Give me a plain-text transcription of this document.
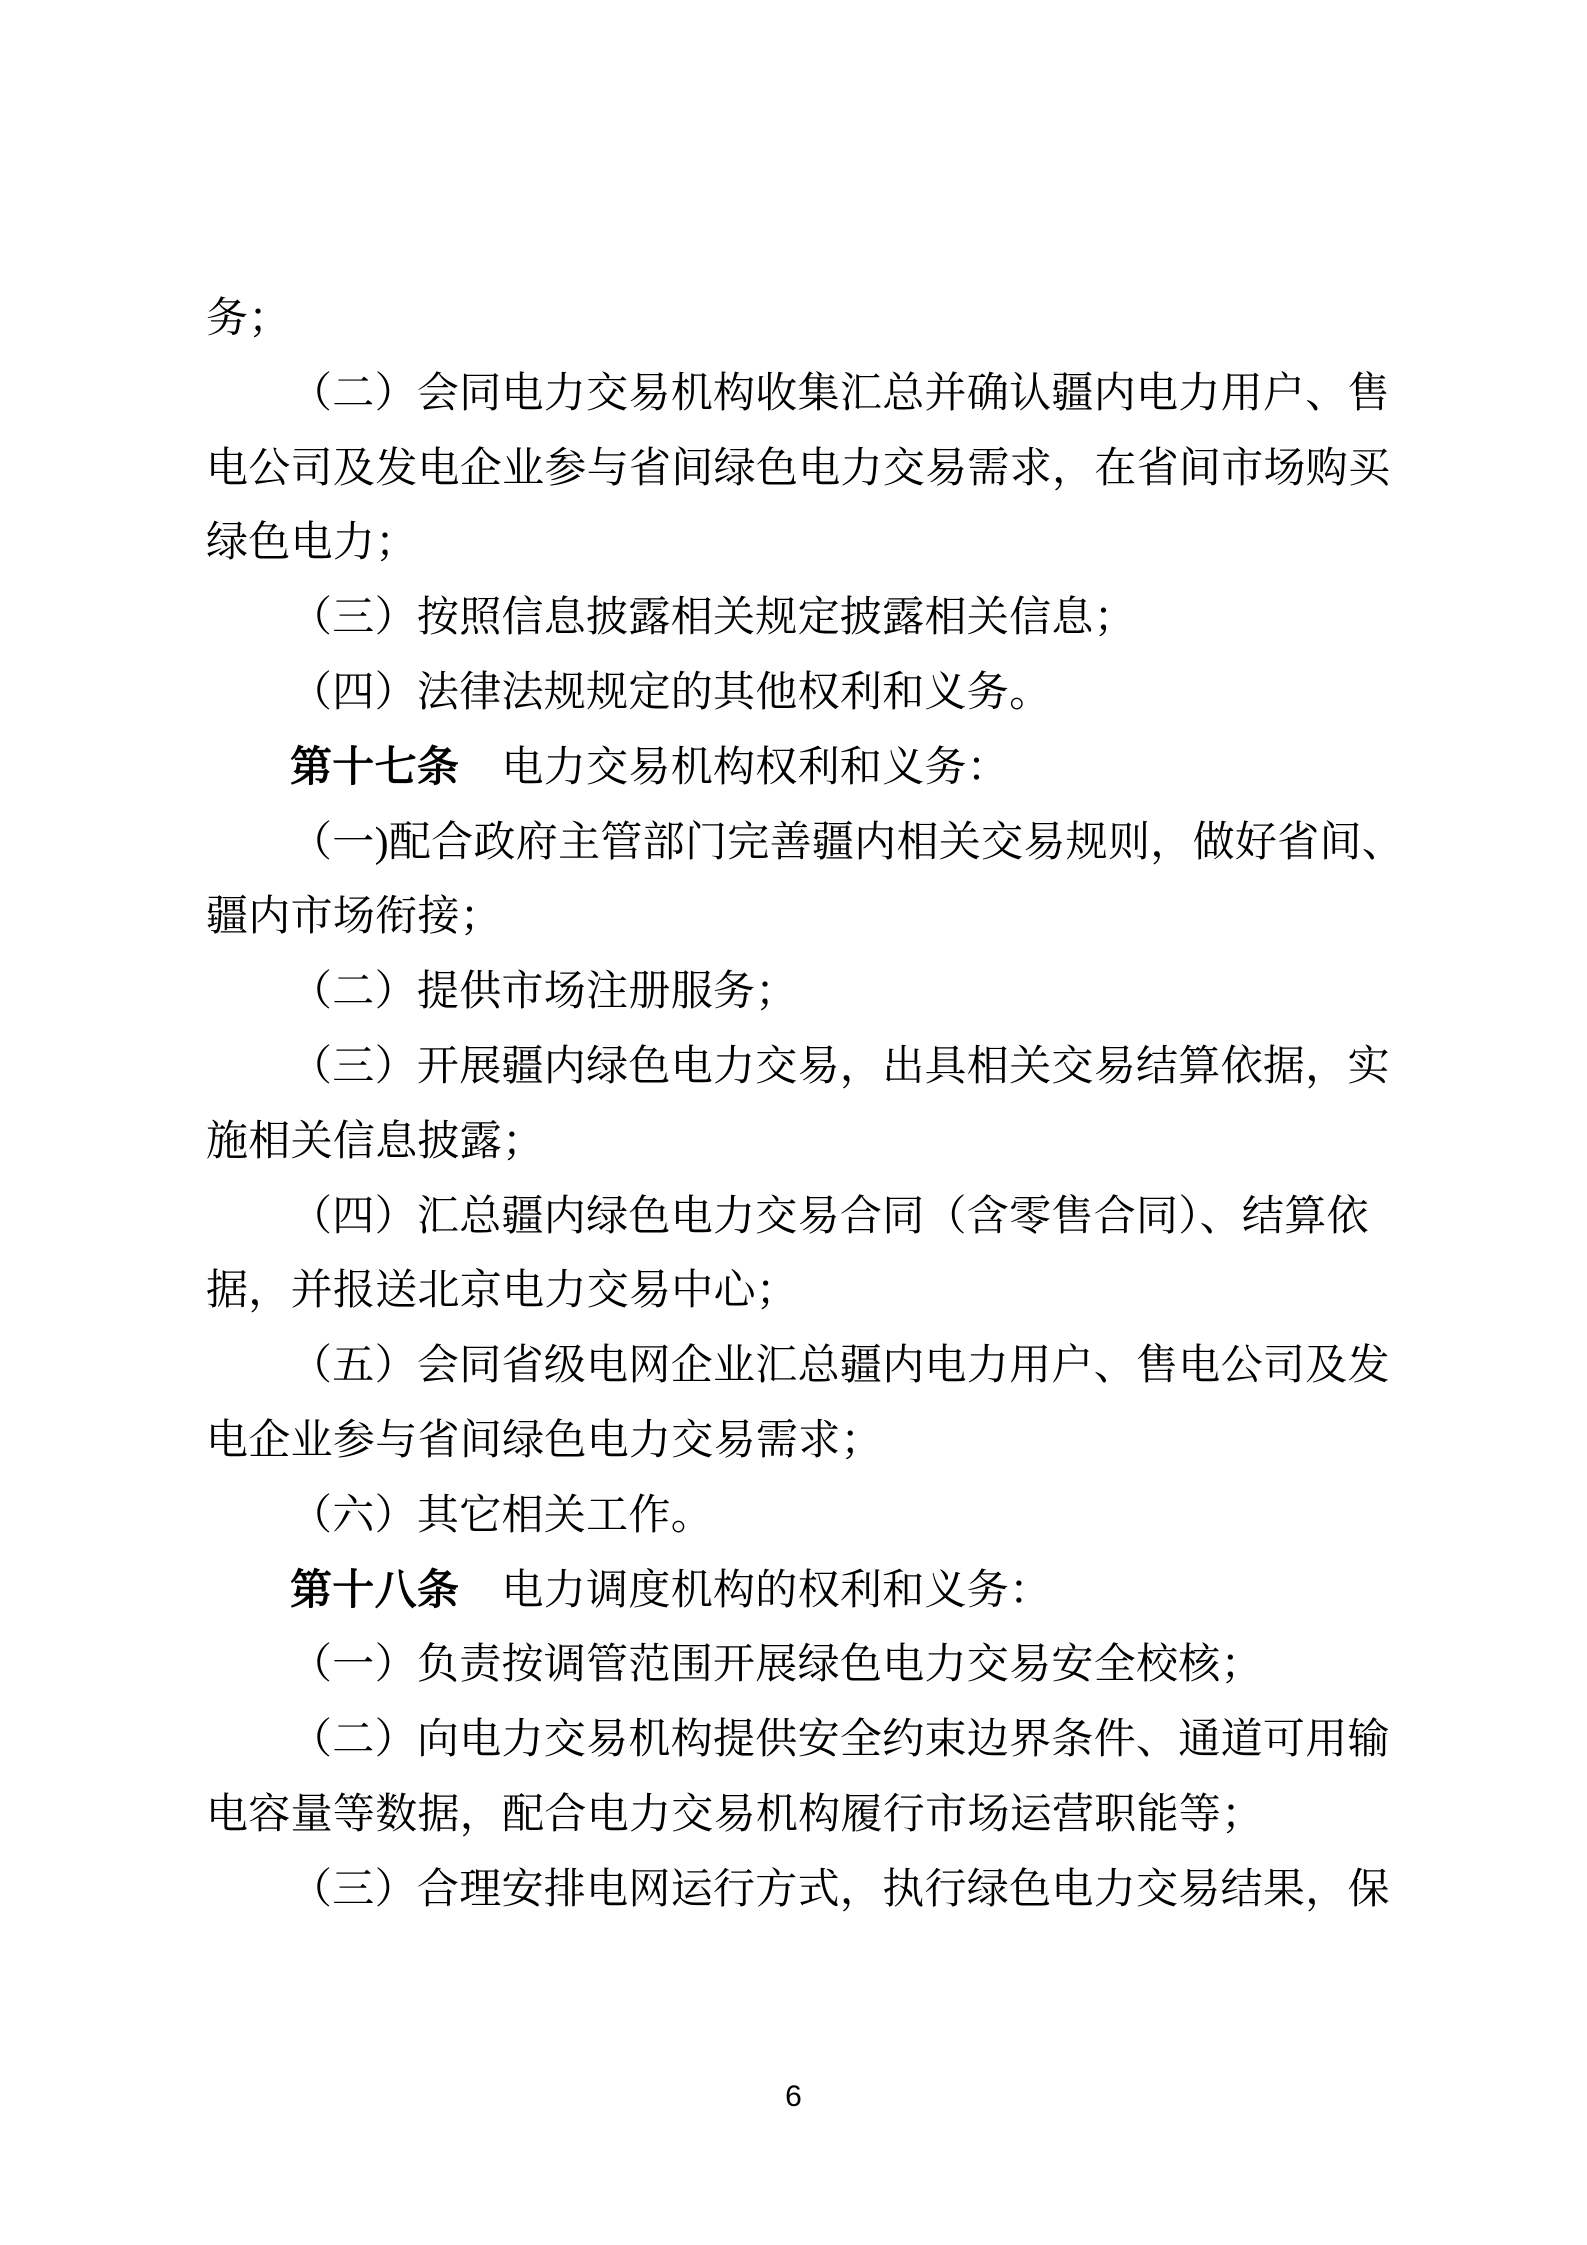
务；
（二）会同电力交易机构收集汇总并确认疆内电力用户、售
电公司及发电企业参与省间绿色电力交易需求，在省间市场购买
绿色电力；
（三）按照信息披露相关规定披露相关信息；
（四）法律法规规定的其他权利和义务。
第十七条　电力交易机构权利和义务：
（一)配合政府主管部门完善疆内相关交易规则，做好省间、
疆内市场衔接；
（二）提供市场注册服务；
（三）开展疆内绿色电力交易，出具相关交易结算依据，实
施相关信息披露；
（四）汇总疆内绿色电力交易合同（含零售合同）、结算依
据，并报送北京电力交易中心；
（五）会同省级电网企业汇总疆内电力用户、售电公司及发
电企业参与省间绿色电力交易需求；
（六）其它相关工作。
第十八条　电力调度机构的权利和义务：
（一）负责按调管范围开展绿色电力交易安全校核；
（二）向电力交易机构提供安全约束边界条件、通道可用输
电容量等数据，配合电力交易机构履行市场运营职能等；
（三）合理安排电网运行方式，执行绿色电力交易结果，保
6
